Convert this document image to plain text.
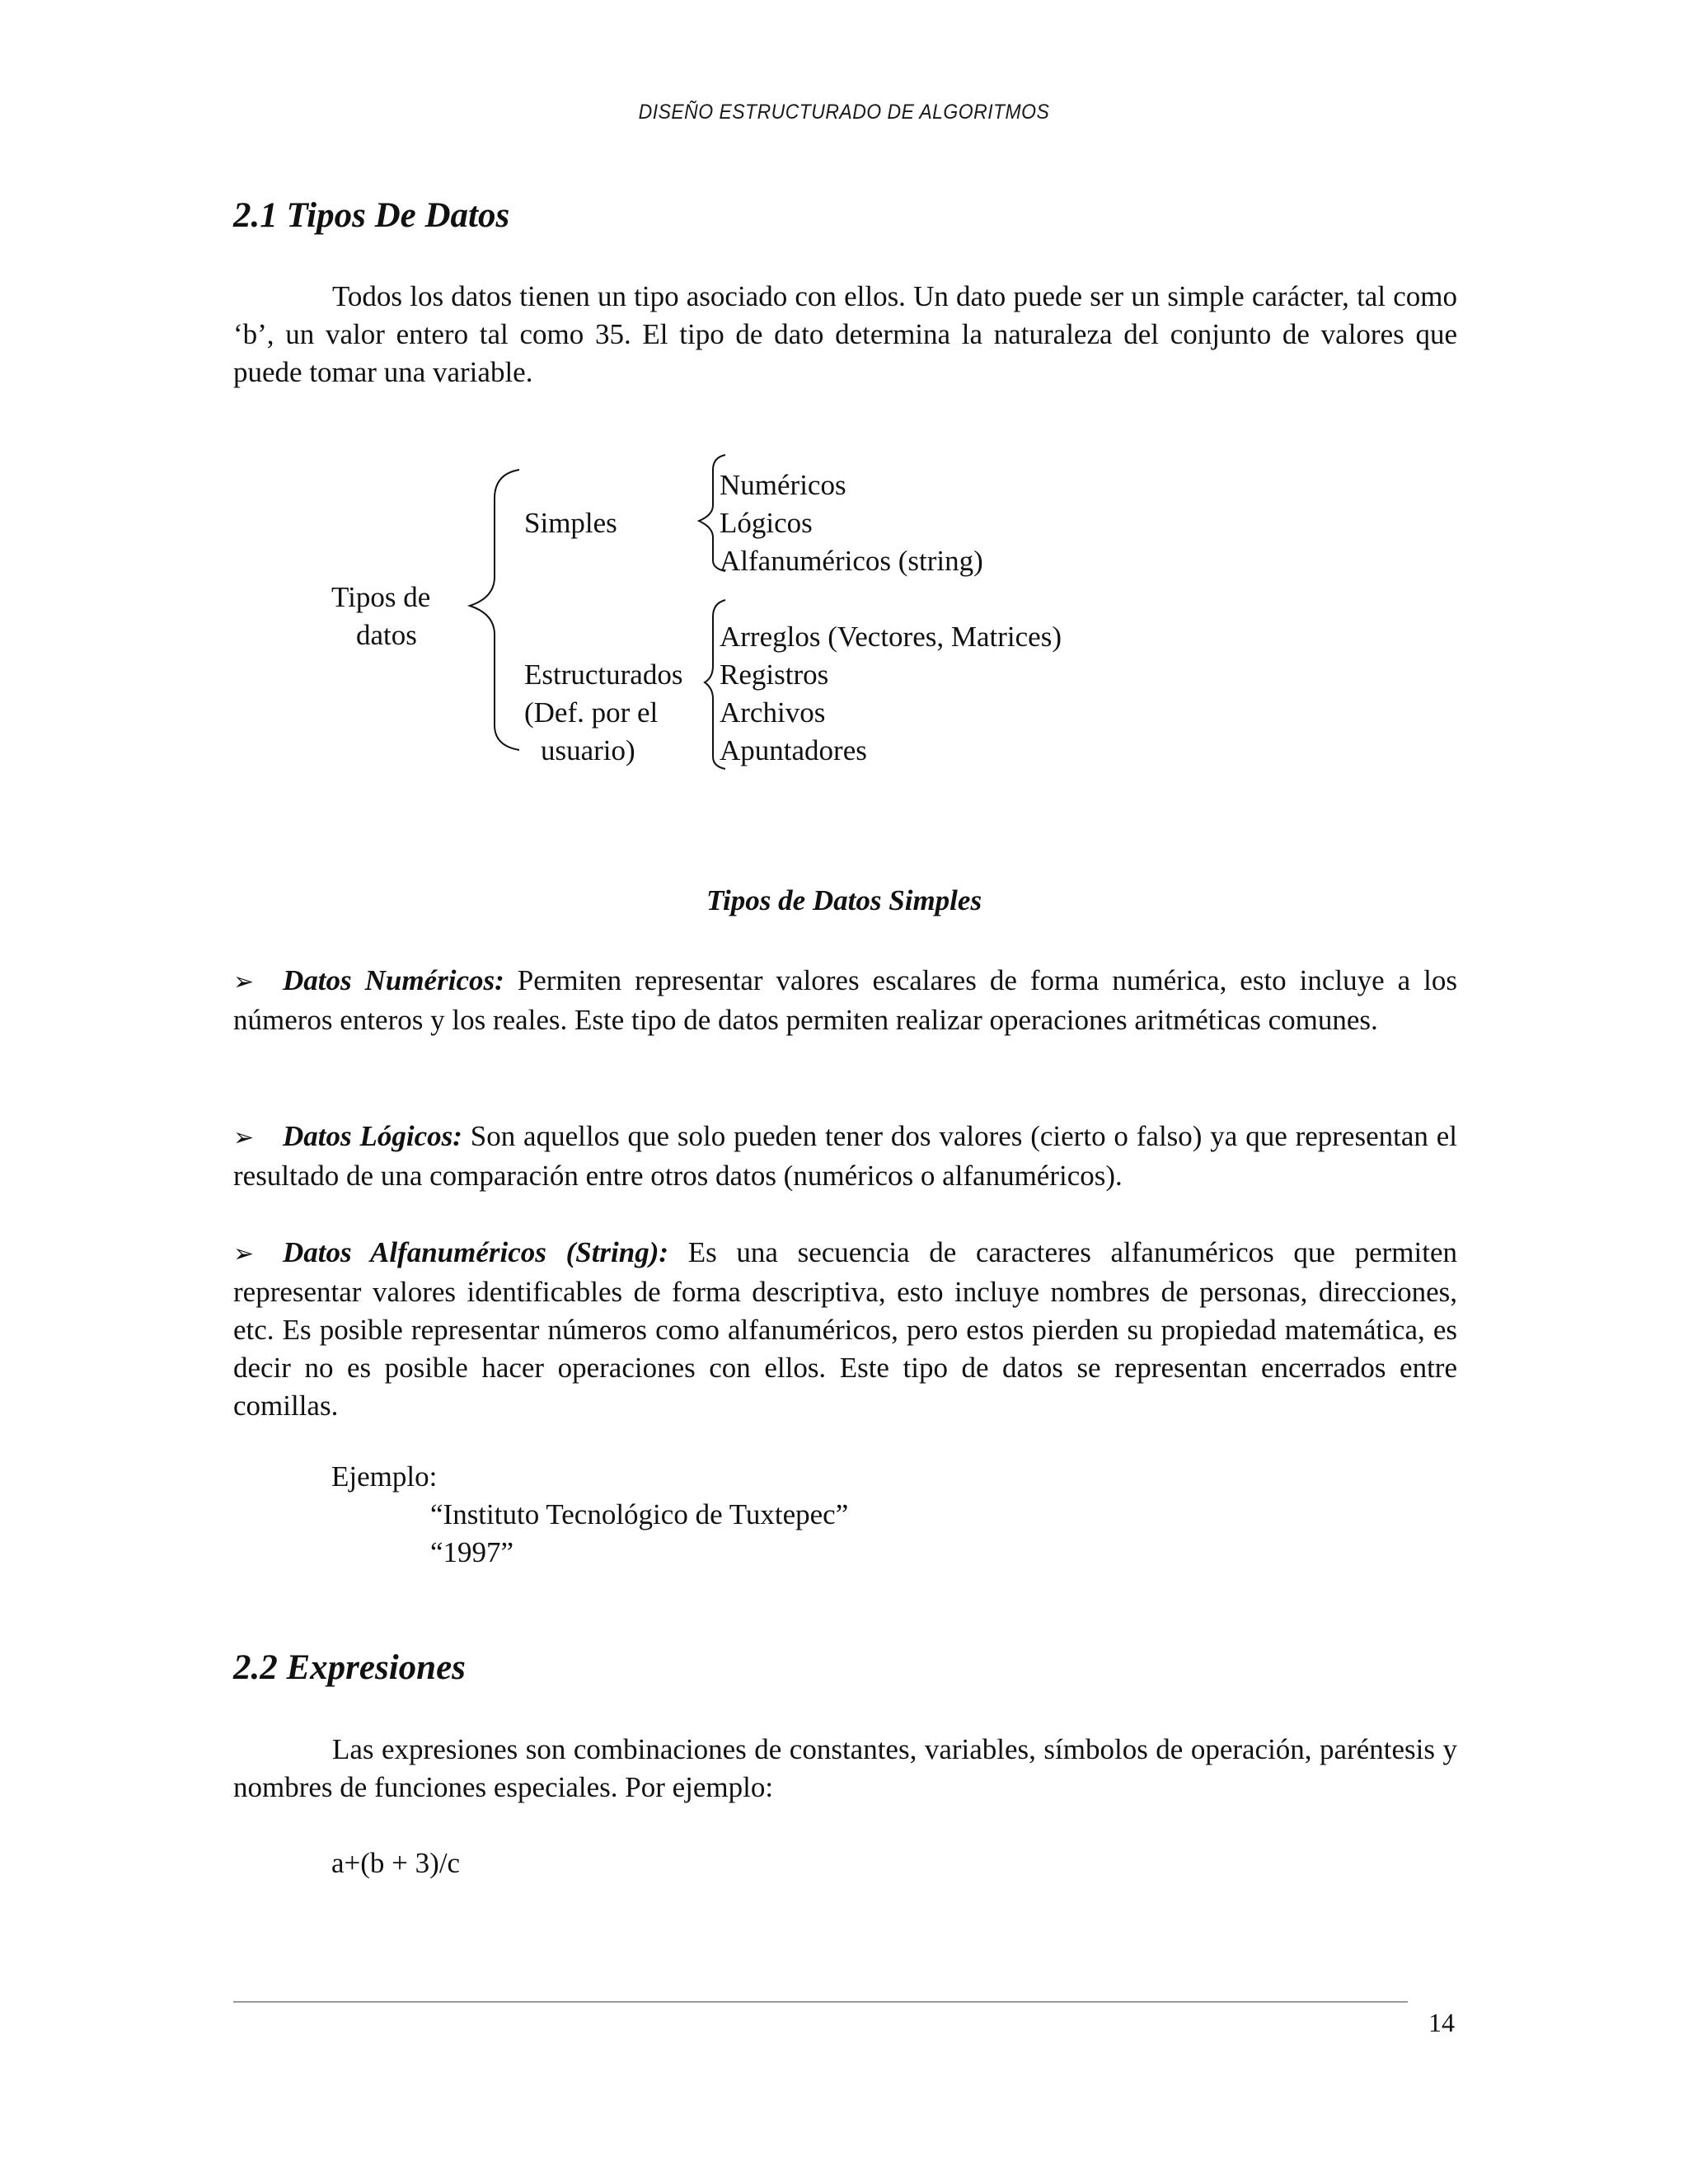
DISEÑO ESTRUCTURADO DE ALGORITMOS
2.1 Tipos De Datos

Todos los datos tienen un tipo asociado con ellos. Un dato puede ser un simple carácter, tal como ‘b’, un valor entero tal como 35. El tipo de dato determina la naturaleza del conjunto de valores que puede tomar una variable.

Tipos de
datos
Simples
Numéricos
Lógicos
Alfanuméricos (string)
Estructurados
(Def. por el
usuario)
Arreglos (Vectores, Matrices)
Registros
Archivos
Apuntadores
Tipos de Datos Simples

➢ Datos Numéricos: Permiten representar valores escalares de forma numérica, esto incluye a los números enteros y los reales. Este tipo de datos permiten realizar operaciones aritméticas comunes.

➢ Datos Lógicos: Son aquellos que solo pueden tener dos valores (cierto o falso) ya que representan el resultado de una comparación entre otros datos (numéricos o alfanuméricos).

➢ Datos Alfanuméricos (String): Es una secuencia de caracteres alfanuméricos que permiten representar valores identificables de forma descriptiva, esto incluye nombres de personas, direcciones, etc. Es posible representar números como alfanuméricos, pero estos pierden su propiedad matemática, es decir no es posible hacer operaciones con ellos. Este tipo de datos se representan encerrados entre comillas.

Ejemplo:
“Instituto Tecnológico de Tuxtepec”
“1997”
2.2 Expresiones

Las expresiones son combinaciones de constantes, variables, símbolos de operación, paréntesis y nombres de funciones especiales. Por ejemplo:

a+(b + 3)/c
14
